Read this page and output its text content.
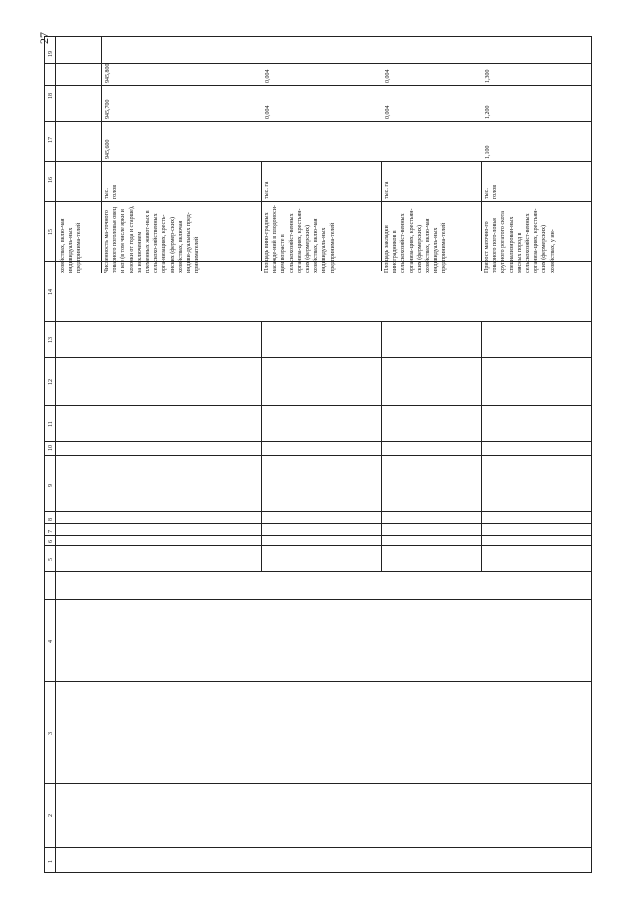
27
19
18
17
16
15
14
13
12
11
10
9
8
7
6
5
4
3
2
1
хозяйствах, вклю-чая индивидуаль-ных предпринима-телей	Численность ма-точного товарного поголовья овец и коз (в том числе ярки и козочки от года и старше), за исключением племенных живот-ных в сельскохо-зяйственных орга-низациях, кресть-янских (фермер-ских) хозяйствах, включая индиви-дуальных пред-принимателей
тыс. голов
945,600
945,700
945,800
Площадь вино-градных насажде-ний в плодоноси-щем возрасте в сельскохозяйст-венных организа-циях, крестьян-ских (фермерских) хозяйствах, вклю-чая индивидуаль-ных предпринима-телей
тыс. га
0,004
0,004
Площадь закладки виноградников в сельскохозяйст-венных организа-циях, крестьян-ских (фермерских) хозяйствах, вклю-чая индивидуаль-ных предпринима-телей
тыс. га
0,004
0,004
Прирост маточно-го товарного пого-ловья крупного рогатого скота специализирован-ных мясных пород в сельскохозяйст-венных организа-циях, крестьян-ских (фермерских) хозяйствах, у ин-
тыс. голов
1,100
1,200
1,300
